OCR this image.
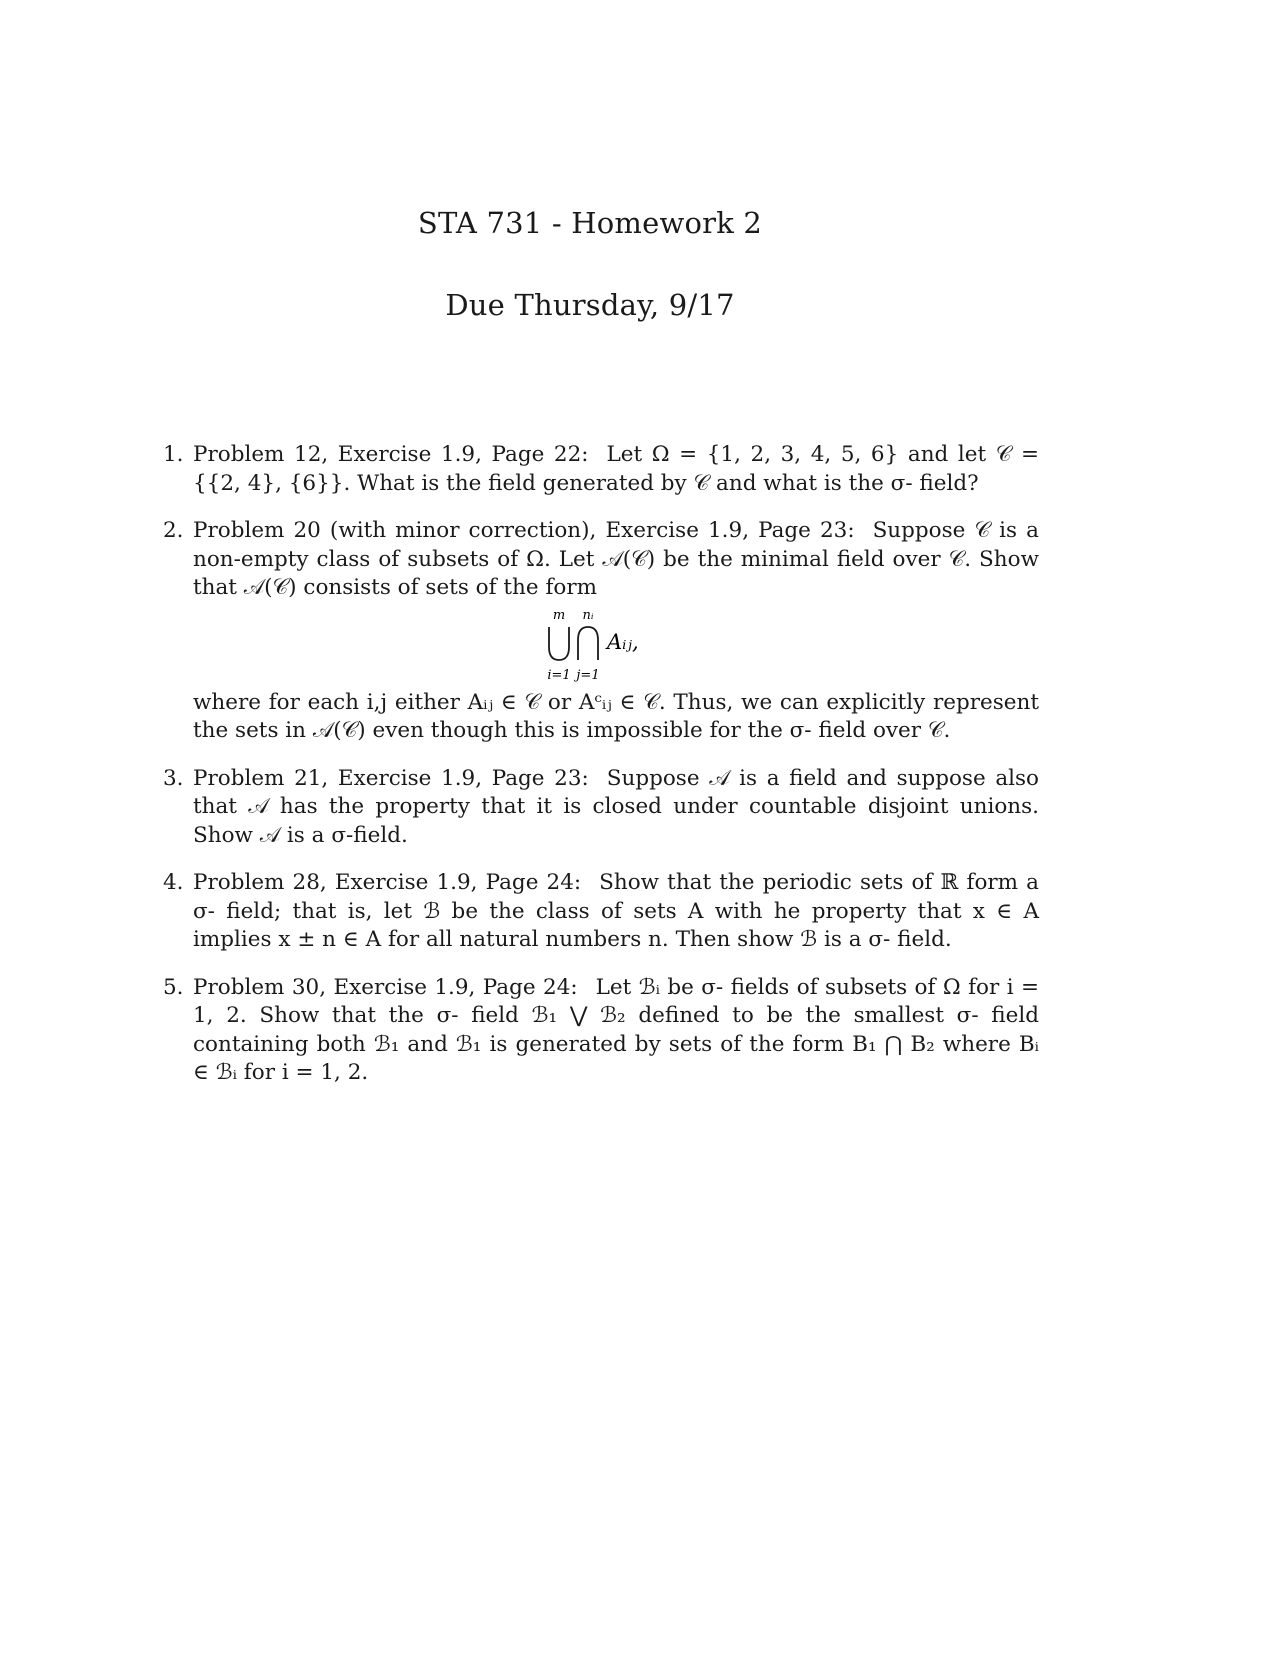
STA 731 - Homework 2
Due Thursday, 9/17
1. Problem 12, Exercise 1.9, Page 22: Let Ω = {1, 2, 3, 4, 5, 6} and let 𝒞 = {{2, 4}, {6}}. What is the field generated by 𝒞 and what is the σ- field?
2. Problem 20 (with minor correction), Exercise 1.9, Page 23: Suppose 𝒞 is a non-empty class of subsets of Ω. Let 𝒜(𝒞) be the minimal field over 𝒞. Show that 𝒜(𝒞) consists of sets of the form
m nᵢ
Aᵢⱼ,
i=1 j=1
where for each i,j either Aᵢⱼ ∈ 𝒞 or Aᶜᵢⱼ ∈ 𝒞. Thus, we can explicitly represent the sets in 𝒜(𝒞) even though this is impossible for the σ- field over 𝒞.
3. Problem 21, Exercise 1.9, Page 23: Suppose 𝒜 is a field and suppose also that 𝒜 has the property that it is closed under countable disjoint unions. Show 𝒜 is a σ-field.
4. Problem 28, Exercise 1.9, Page 24: Show that the periodic sets of ℝ form a σ- field; that is, let ℬ be the class of sets A with he property that x ∈ A implies x ± n ∈ A for all natural numbers n. Then show ℬ is a σ- field.
5. Problem 30, Exercise 1.9, Page 24: Let ℬᵢ be σ- fields of subsets of Ω for i = 1, 2. Show that the σ- field ℬ₁ ⋁ ℬ₂ defined to be the smallest σ- field containing both ℬ₁ and ℬ₁ is generated by sets of the form B₁ ⋂ B₂ where Bᵢ ∈ ℬᵢ for i = 1, 2.
